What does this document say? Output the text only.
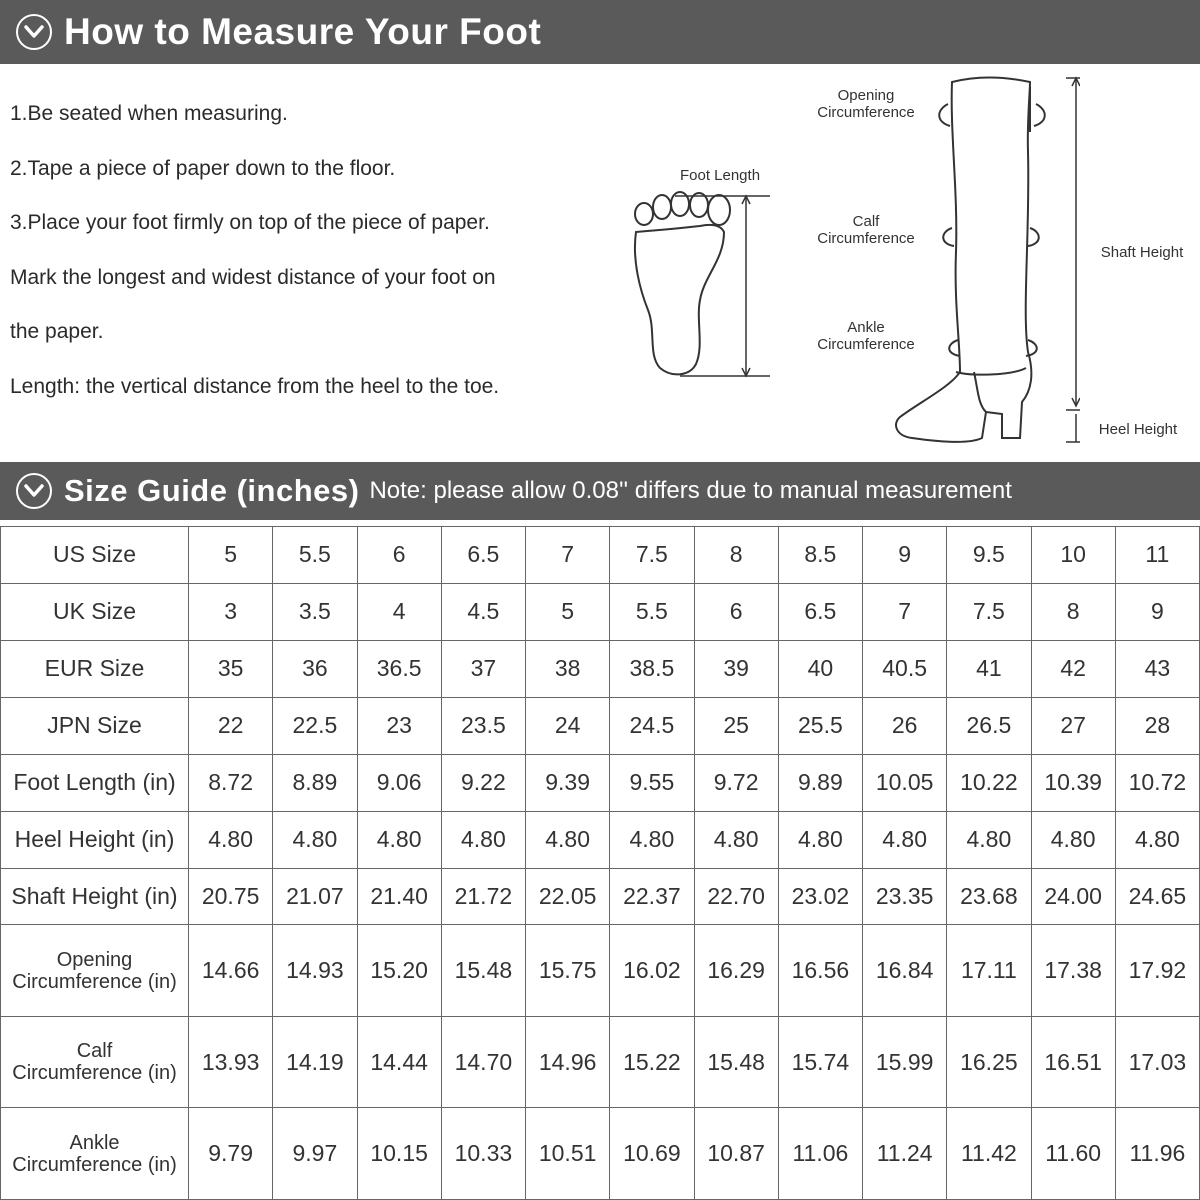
How to Measure Your Foot

1.Be seated when measuring.

2.Tape a piece of paper down to the floor.

3.Place your foot firmly on top of the piece of paper.

Mark the longest and widest distance of your foot on

the paper.

Length: the vertical distance from the heel to the toe.

Foot Length
Opening Circumference
Calf Circumference
Ankle Circumference
Shaft Height
Heel Height
Size Guide (inches) Note: please allow 0.08'' differs due to manual measurement
US Size	5	5.5	6	6.5	7	7.5	8	8.5	9	9.5	10	11

UK Size	3	3.5	4	4.5	5	5.5	6	6.5	7	7.5	8	9

EUR Size	35	36	36.5	37	38	38.5	39	40	40.5	41	42	43

JPN Size	22	22.5	23	23.5	24	24.5	25	25.5	26	26.5	27	28

Foot Length (in)	8.72	8.89	9.06	9.22	9.39	9.55	9.72	9.89	10.05	10.22	10.39	10.72

Heel Height (in)	4.80	4.80	4.80	4.80	4.80	4.80	4.80	4.80	4.80	4.80	4.80	4.80

Shaft Height (in)	20.75	21.07	21.40	21.72	22.05	22.37	22.70	23.02	23.35	23.68	24.00	24.65

Opening
Circumference (in)	14.66	14.93	15.20	15.48	15.75	16.02	16.29	16.56	16.84	17.11	17.38	17.92

Calf
Circumference (in)	13.93	14.19	14.44	14.70	14.96	15.22	15.48	15.74	15.99	16.25	16.51	17.03

Ankle
Circumference (in)	9.79	9.97	10.15	10.33	10.51	10.69	10.87	11.06	11.24	11.42	11.60	11.96
